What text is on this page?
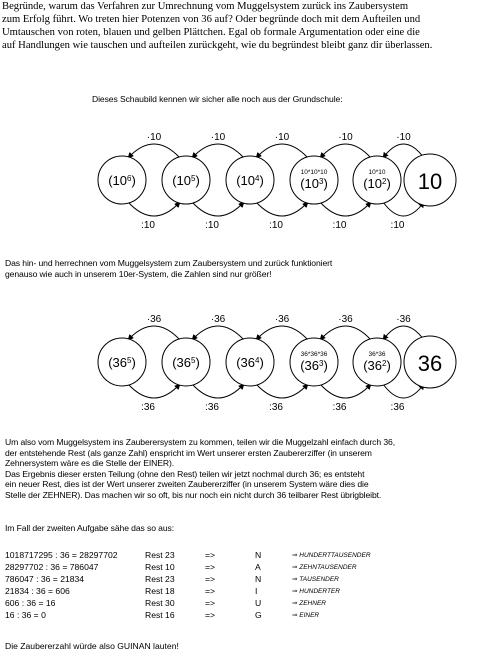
Begründe, warum das Verfahren zur Umrechnung vom Muggelsystem zurück ins Zaubersystem
zum Erfolg führt. Wo treten hier Potenzen von 36 auf? Oder begründe doch mit dem Aufteilen und
Umtauschen von roten, blauen und gelben Plättchen. Egal ob formale Argumentation oder eine die
auf Handlungen wie tauschen und aufteilen zurückgeht, wie du begründest bleibt ganz dir überlassen.
Dieses Schaubild kennen wir sicher alle noch aus der Grundschule:
·10
:10
·10
:10
·10
:10
·10
:10
·10
:10
$(10^6)$	$(10^5)$	$(10^4)$
10*10*10
$(10^3)$
10*10
$(10^2)$ 10
Das hin- und herrechnen vom Muggelsystem zum Zaubersystem und zurück funktioniert
genauso wie auch in unserem 10er-System, die Zahlen sind nur größer!
·36
:36
·36
:36
·36
:36
·36
:36
·36
:36
$(36^5)$	$(36^5)$	$(36^4)$
36*36*36
$(36^3)$
36*36
$(36^2)$ 36
Um also vom Muggelsystem ins Zauberersystem zu kommen, teilen wir die Muggelzahl einfach durch 36,
der entstehende Rest (als ganze Zahl) enspricht im Wert unserer ersten Zaubererziffer (in unserem
Zehnersystem wäre es die Stelle der EINER).
Das Ergebnis dieser ersten Teilung (ohne den Rest) teilen wir jetzt nochmal durch 36; es entsteht
ein neuer Rest, dies ist der Wert unserer zweiten Zaubererziffer (in unserem System wäre dies die
Stelle der ZEHNER). Das machen wir so oft, bis nur noch ein nicht durch 36 teilbarer Rest übrigbleibt.
Im Fall der zweiten Aufgabe sähe das so aus:
1018717295 : 36 = 28297702	Rest 23	=>	N	⇒ HUNDERTTAUSENDER
28297702 : 36 = 786047	Rest 10	=>	A	⇒ ZEHNTAUSENDER
786047 : 36 = 21834	Rest 23	=>	N	⇒ TAUSENDER
21834 : 36 = 606	Rest 18	=>	I	⇒ HUNDERTER
606 : 36 = 16	Rest 30	=>	U	⇒ ZEHNER
16 : 36 = 0	Rest 16	=>	G	⇒ EINER
Die Zaubererzahl würde also GUINAN lauten!
